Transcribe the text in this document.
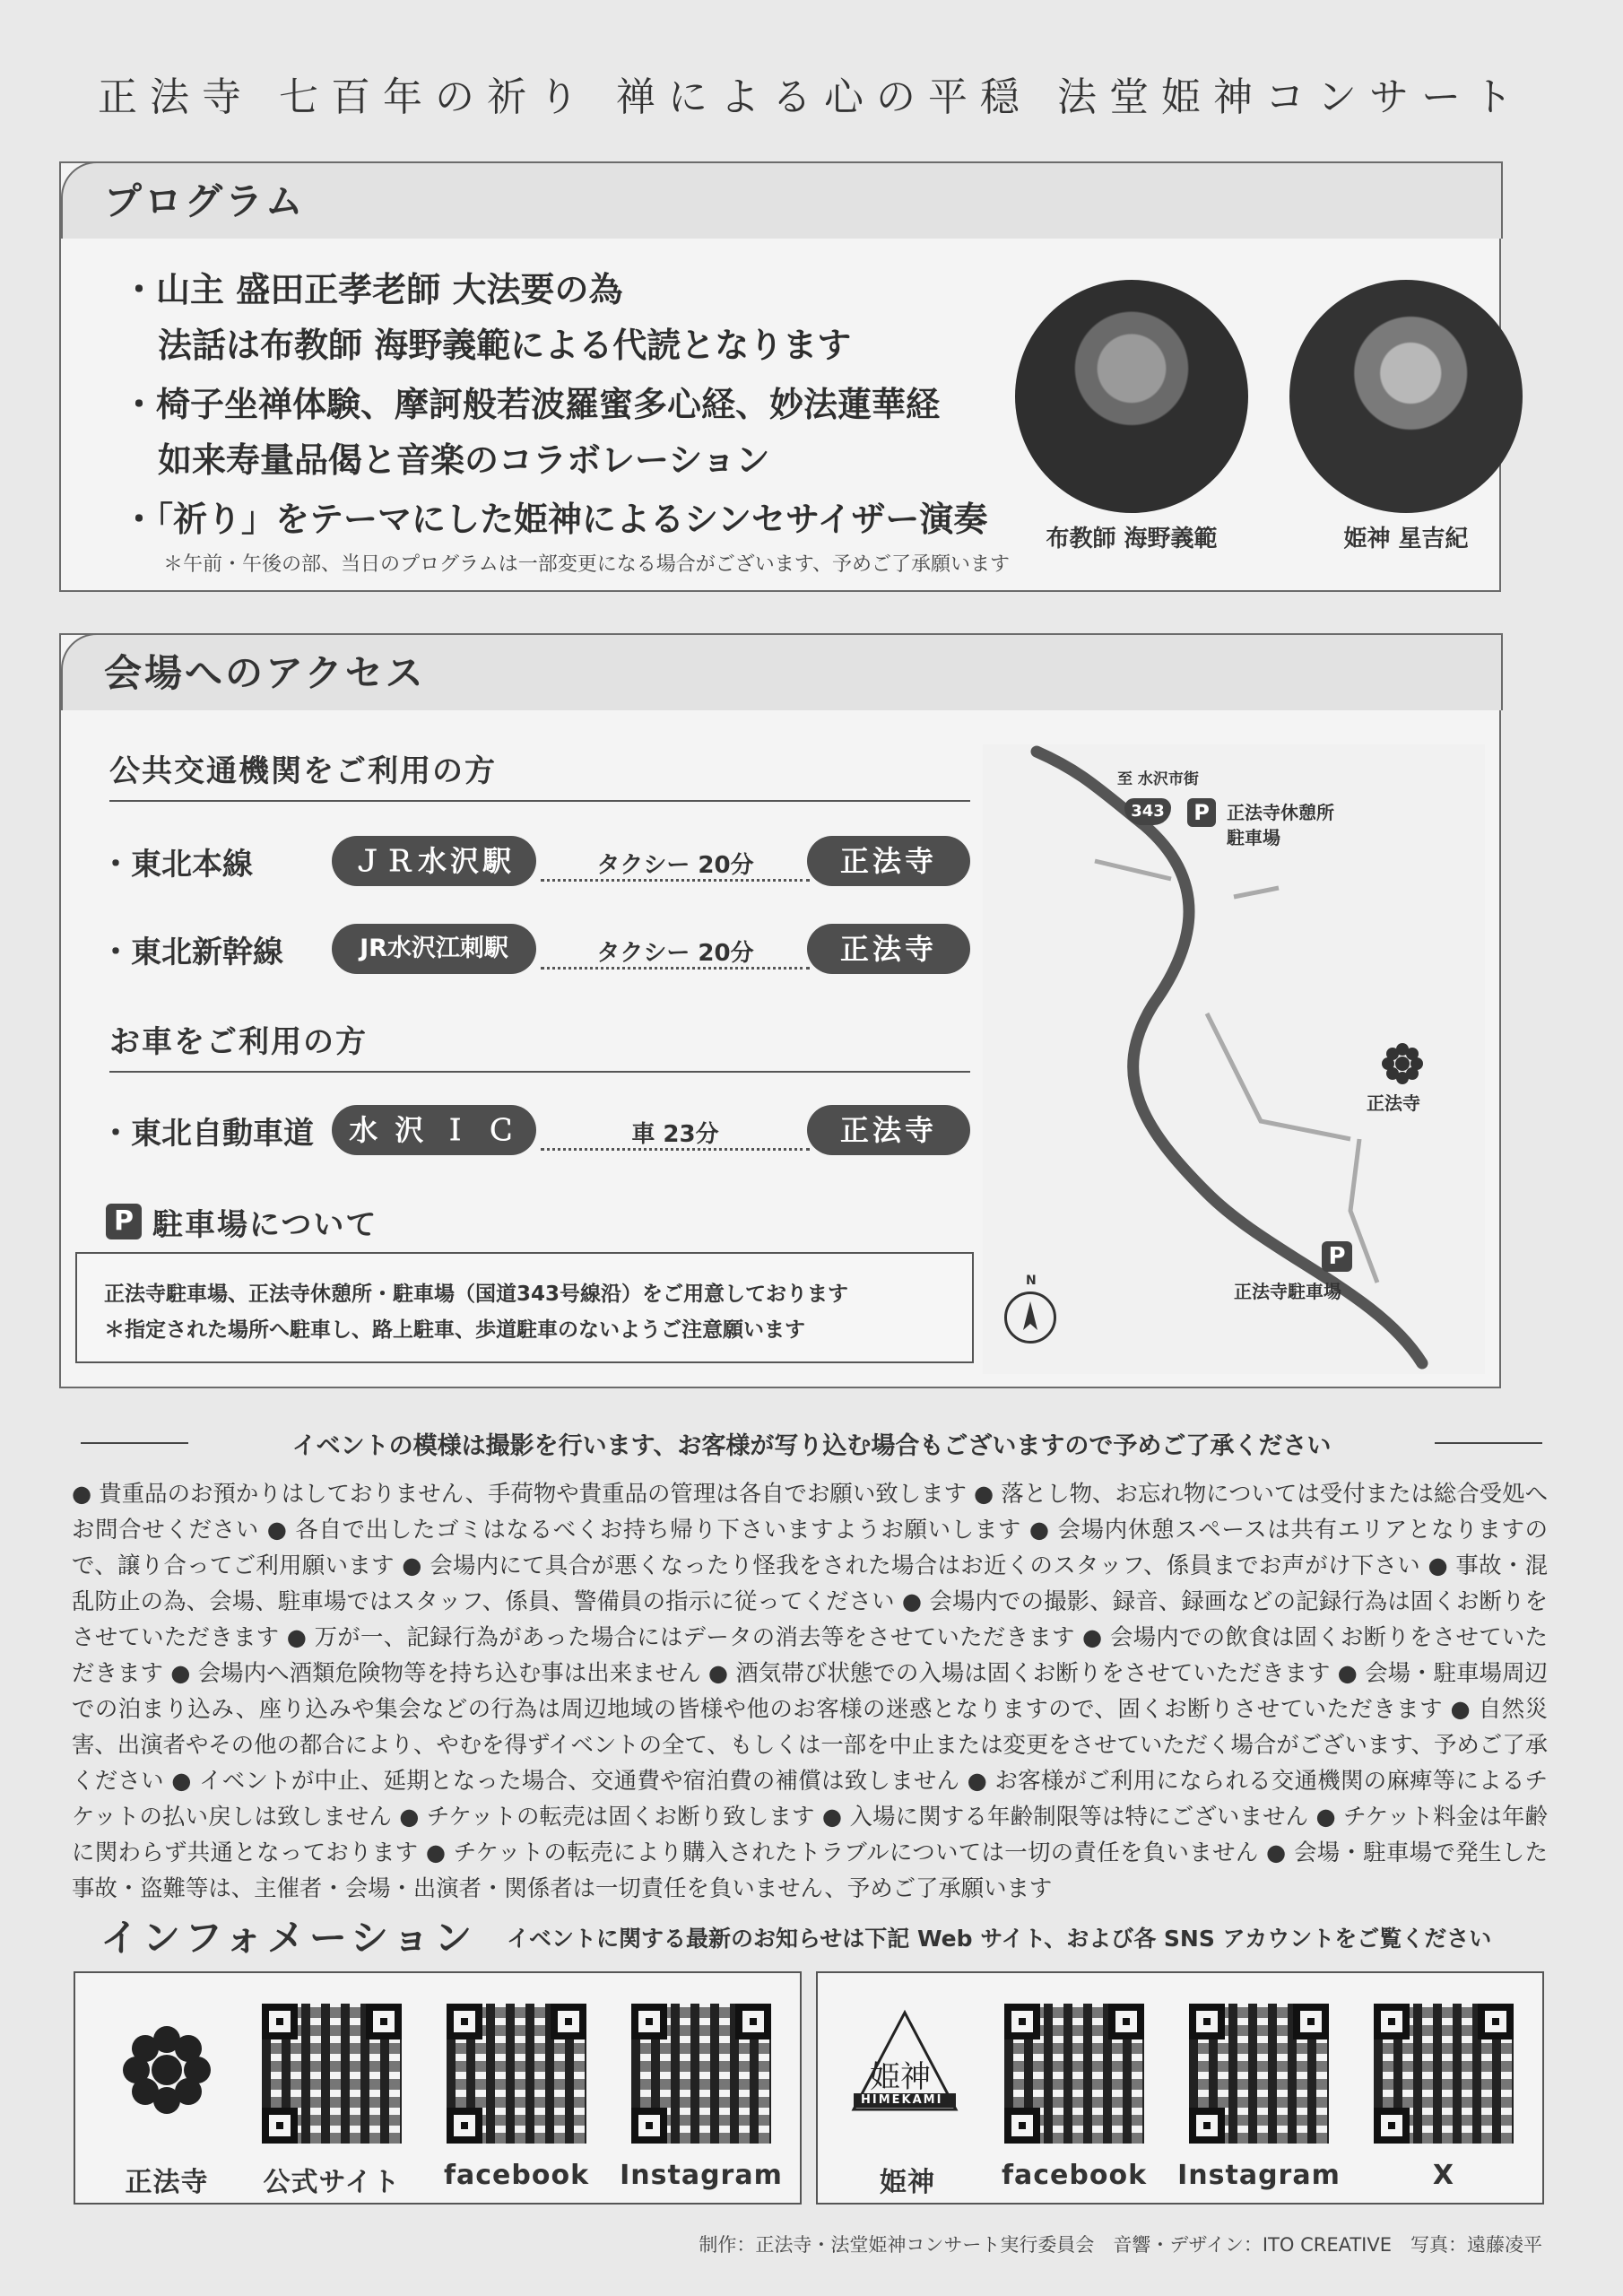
正法寺 七百年の祈り 禅による心の平穏 法堂姫神コンサート
プログラム
・山主 盛田正孝老師 大法要の為
法話は布教師 海野義範による代読となります
・椅子坐禅体験、摩訶般若波羅蜜多心経、妙法蓮華経
如来寿量品偈と音楽のコラボレーション
・「祈り」をテーマにした姫神によるシンセサイザー演奏
＊午前・午後の部、当日のプログラムは一部変更になる場合がございます、予めご了承願います
布教師 海野義範	姫神 星吉紀
会場へのアクセス
公共交通機関をご利用の方
・東北本線	ＪＲ水沢駅	タクシー 20分	正法寺
・東北新幹線	JR水沢江刺駅	タクシー 20分	正法寺
お車をご利用の方
・東北自動車道	水 沢 Ｉ Ｃ	車 23分	正法寺
P 駐車場について
正法寺駐車場、正法寺休憩所・駐車場（国道343号線沿）をご用意しております
＊指定された場所へ駐車し、路上駐車、歩道駐車のないようご注意願います
至 水沢市街
343	P 正法寺休憩所
駐車場
正法寺
P
正法寺駐車場
N
イベントの模様は撮影を行います、お客様が写り込む場合もございますので予めご了承ください
● 貴重品のお預かりはしておりません、手荷物や貴重品の管理は各自でお願い致します ● 落とし物、お忘れ物については受付または総合受処へお問合せください ● 各自で出したゴミはなるべくお持ち帰り下さいますようお願いします ● 会場内休憩スペースは共有エリアとなりますので、譲り合ってご利用願います ● 会場内にて具合が悪くなったり怪我をされた場合はお近くのスタッフ、係員までお声がけ下さい ● 事故・混乱防止の為、会場、駐車場ではスタッフ、係員、警備員の指示に従ってください ● 会場内での撮影、録音、録画などの記録行為は固くお断りをさせていただきます ● 万が一、記録行為があった場合にはデータの消去等をさせていただきます ● 会場内での飲食は固くお断りをさせていただきます ● 会場内へ酒類危険物等を持ち込む事は出来ません ● 酒気帯び状態での入場は固くお断りをさせていただきます ● 会場・駐車場周辺での泊まり込み、座り込みや集会などの行為は周辺地域の皆様や他のお客様の迷惑となりますので、固くお断りさせていただきます ● 自然災害、出演者やその他の都合により、やむを得ずイベントの全て、もしくは一部を中止または変更をさせていただく場合がございます、予めご了承ください ● イベントが中止、延期となった場合、交通費や宿泊費の補償は致しません ● お客様がご利用になられる交通機関の麻痺等によるチケットの払い戻しは致しません ● チケットの転売は固くお断り致します ● 入場に関する年齢制限等は特にございません ● チケット料金は年齢に関わらず共通となっております ● チケットの転売により購入されたトラブルについては一切の責任を負いません ● 会場・駐車場で発生した事故・盗難等は、主催者・会場・出演者・関係者は一切責任を負いません、予めご了承願います
インフォメーション イベントに関する最新のお知らせは下記 Web サイト、および各 SNS アカウントをご覧ください
正法寺	公式サイト	facebook	Instagram
姫神
HIMEKAMI
姫神	facebook	Instagram	X
制作：正法寺・法堂姫神コンサート実行委員会　音響・デザイン：ITO CREATIVE　写真：遠藤凌平
